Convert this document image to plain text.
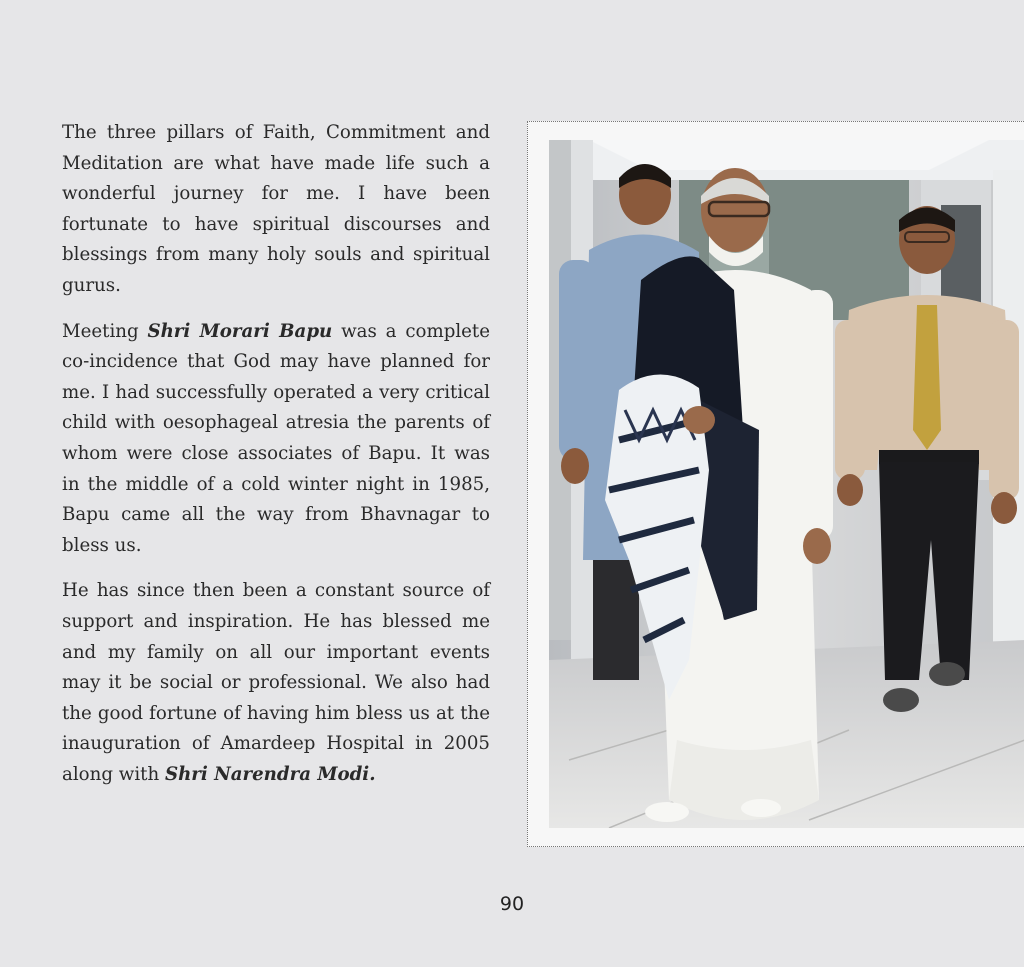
The three pillars of Faith, Commitment and Meditation are what have made life such a wonderful journey for me. I have been fortunate to have spiritual discourses and blessings from many holy souls and spiritual gurus.

Meeting Shri Morari Bapu was a complete co-incidence that God may have planned for me. I had successfully operated a very critical child with oesophageal atresia the parents of whom were close associates of Bapu. It was in the middle of a cold winter night in 1985, Bapu came all the way from Bhavnagar to bless us.

He has since then been a constant source of support and inspiration. He has blessed me and my family on all our important events may it be social or professional. We also had the good fortune of having him bless us at the inauguration of Amardeep Hospital in 2005 along with Shri Narendra Modi.

90
